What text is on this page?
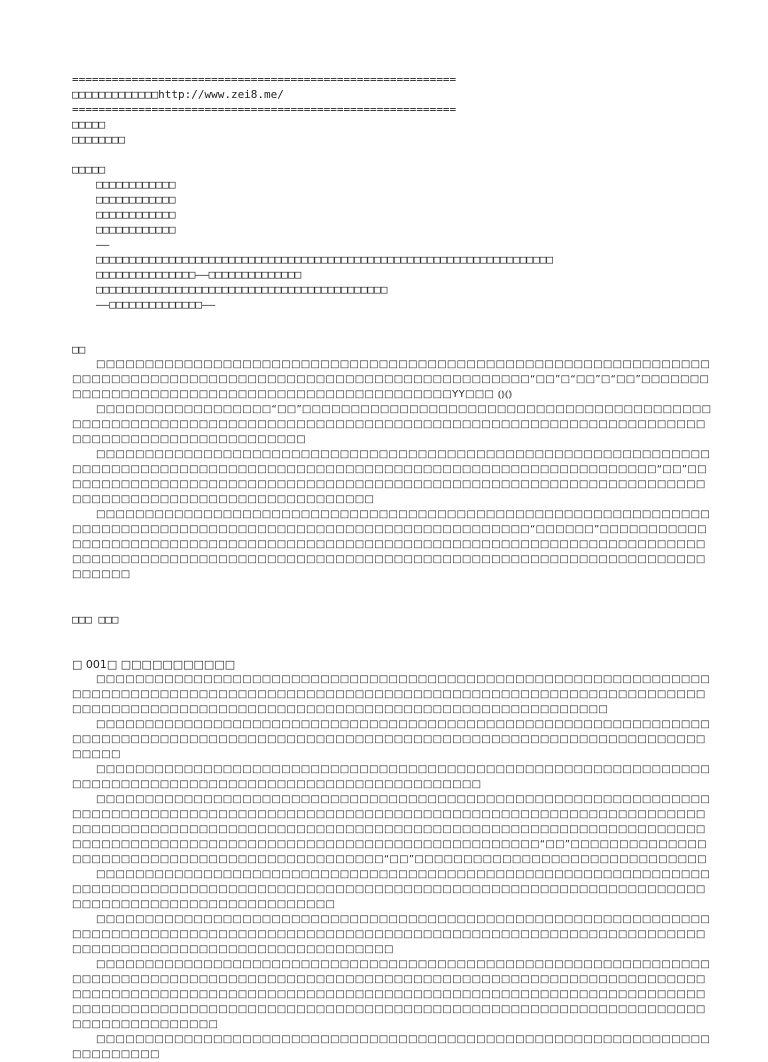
==========================================================

□□□□□□□□□□□□□http://www.zei8.me/

==========================================================

□□□□□

□□□□□□□□

□□□□□

□□□□□□□□□□□□

□□□□□□□□□□□□

□□□□□□□□□□□□

□□□□□□□□□□□□

——

□□□□□□□□□□□□□□□□□□□□□□□□□□□□□□□□□□□□□□□□□□□□□□□□□□□□□□□□□□□□□□□□□□□□□

□□□□□□□□□□□□□□□——□□□□□□□□□□□□□□

□□□□□□□□□□□□□□□□□□□□□□□□□□□□□□□□□□□□□□□□□□□□

——□□□□□□□□□□□□□□——

□□

□□□□□□□□□□□□□□□□□□□□□□□□□□□□□□□□□□□□□□□□□□□□□□□□□□□□□□□□□□□□□□□□□□□□□□□□□□□□□□□□□□□□□□□□□□□□□□□□□□□□□□□□□□□□□□“□□”□“□□”□“□□”□□□□□□□□□□□□□□□□□□□□□□□□□□□□□□□□□□□□□□□□□□□□□□YY□□□ ⦅⦆⦅⦆

□□□□□□□□□□□□□□□□□□“□□”□□□□□□□□□□□□□□□□□□□□□□□□□□□□□□□□□□□□□□□□□□□□□□□□□□□□□□□□□□□□□□□□□□□□□□□□□□□□□□□□□□□□□□□□□□□□□□□□□□□□□□□□□□□□□□□□□□□□□□□□□□□□□□□□□□□

□□□□□□□□□□□□□□□□□□□□□□□□□□□□□□□□□□□□□□□□□□□□□□□□□□□□□□□□□□□□□□□□□□□□□□□□□□□□□□□□□□□□□□□□□□□□□□□□□□□□□□□□□□□□□□□□□□□□□□□□□□□“□□”□□□□□□□□□□□□□□□□□□□□□□□□□□□□□□□□□□□□□□□□□□□□□□□□□□□□□□□□□□□□□□□□□□□□□□□□□□□□□□□□□□□□□□□□□□□□□□□□□□

□□□□□□□□□□□□□□□□□□□□□□□□□□□□□□□□□□□□□□□□□□□□□□□□□□□□□□□□□□□□□□□□□□□□□□□□□□□□□□□□□□□□□□□□□□□□□□□□□□□□□□□□□□□□□□“□□□□□□”□□□□□□□□□□□□□□□□□□□□□□□□□□□□□□□□□□□□□□□□□□□□□□□□□□□□□□□□□□□□□□□□□□□□□□□□□□□□□□□□□□□□□□□□□□□□□□□□□□□□□□□□□□□□□□□□□□□□□□□□□□□□□□□□□□□□□□□□□□□□□□□□□□□

□□□ □□□

□ 001□ □□□□□□□□□□□

□□□□□□□□□□□□□□□□□□□□□□□□□□□□□□□□□□□□□□□□□□□□□□□□□□□□□□□□□□□□□□□□□□□□□□□□□□□□□□□□□□□□□□□□□□□□□□□□□□□□□□□□□□□□□□□□□□□□□□□□□□□□□□□□□□□□□□□□□□□□□□□□□□□□□□□□□□□□□□□□□□□□□□□□□□□□□□□□□□□□□□□

□□□□□□□□□□□□□□□□□□□□□□□□□□□□□□□□□□□□□□□□□□□□□□□□□□□□□□□□□□□□□□□□□□□□□□□□□□□□□□□□□□□□□□□□□□□□□□□□□□□□□□□□□□□□□□□□□□□□□□□□□□□□□□□□□□□□□

□□□□□□□□□□□□□□□□□□□□□□□□□□□□□□□□□□□□□□□□□□□□□□□□□□□□□□□□□□□□□□□□□□□□□□□□□□□□□□□□□□□□□□□□□□□□□□□□□□□□□□□□□

□□□□□□□□□□□□□□□□□□□□□□□□□□□□□□□□□□□□□□□□□□□□□□□□□□□□□□□□□□□□□□□□□□□□□□□□□□□□□□□□□□□□□□□□□□□□□□□□□□□□□□□□□□□□□□□□□□□□□□□□□□□□□□□□□□□□□□□□□□□□□□□□□□□□□□□□□□□□□□□□□□□□□□□□□□□□□□□□□□□□□□□□□□□□□□□□□□□□□□□□□□□□□□□□□□□□□□□□□□□□□□□□□□□□□□□□□□□□□□□□□“□□”□□□□□□□□□□□□□□□□□□□□□□□□□□□□□□□□□□□□□□□□□□□□□□“□□”□□□□□□□□□□□□□□□□□□□□□□□□□□□□□□

□□□□□□□□□□□□□□□□□□□□□□□□□□□□□□□□□□□□□□□□□□□□□□□□□□□□□□□□□□□□□□□□□□□□□□□□□□□□□□□□□□□□□□□□□□□□□□□□□□□□□□□□□□□□□□□□□□□□□□□□□□□□□□□□□□□□□□□□□□□□□□□□□□□□□□□□□□□

□□□□□□□□□□□□□□□□□□□□□□□□□□□□□□□□□□□□□□□□□□□□□□□□□□□□□□□□□□□□□□□□□□□□□□□□□□□□□□□□□□□□□□□□□□□□□□□□□□□□□□□□□□□□□□□□□□□□□□□□□□□□□□□□□□□□□□□□□□□□□□□□□□□□□□□□□□□□□□□□□

□□□□□□□□□□□□□□□□□□□□□□□□□□□□□□□□□□□□□□□□□□□□□□□□□□□□□□□□□□□□□□□□□□□□□□□□□□□□□□□□□□□□□□□□□□□□□□□□□□□□□□□□□□□□□□□□□□□□□□□□□□□□□□□□□□□□□□□□□□□□□□□□□□□□□□□□□□□□□□□□□□□□□□□□□□□□□□□□□□□□□□□□□□□□□□□□□□□□□□□□□□□□□□□□□□□□□□□□□□□□□□□□□□□□□□□□□□□□□□□□□□□□□□□□□□□□□□□□□□□□□□□□□□□□□□□□□

□□□□□□□□□□□□□□□□□□□□□□□□□□□□□□□□□□□□□□□□□□□□□□□□□□□□□□□□□□□□□□□□□□□□□□□□
